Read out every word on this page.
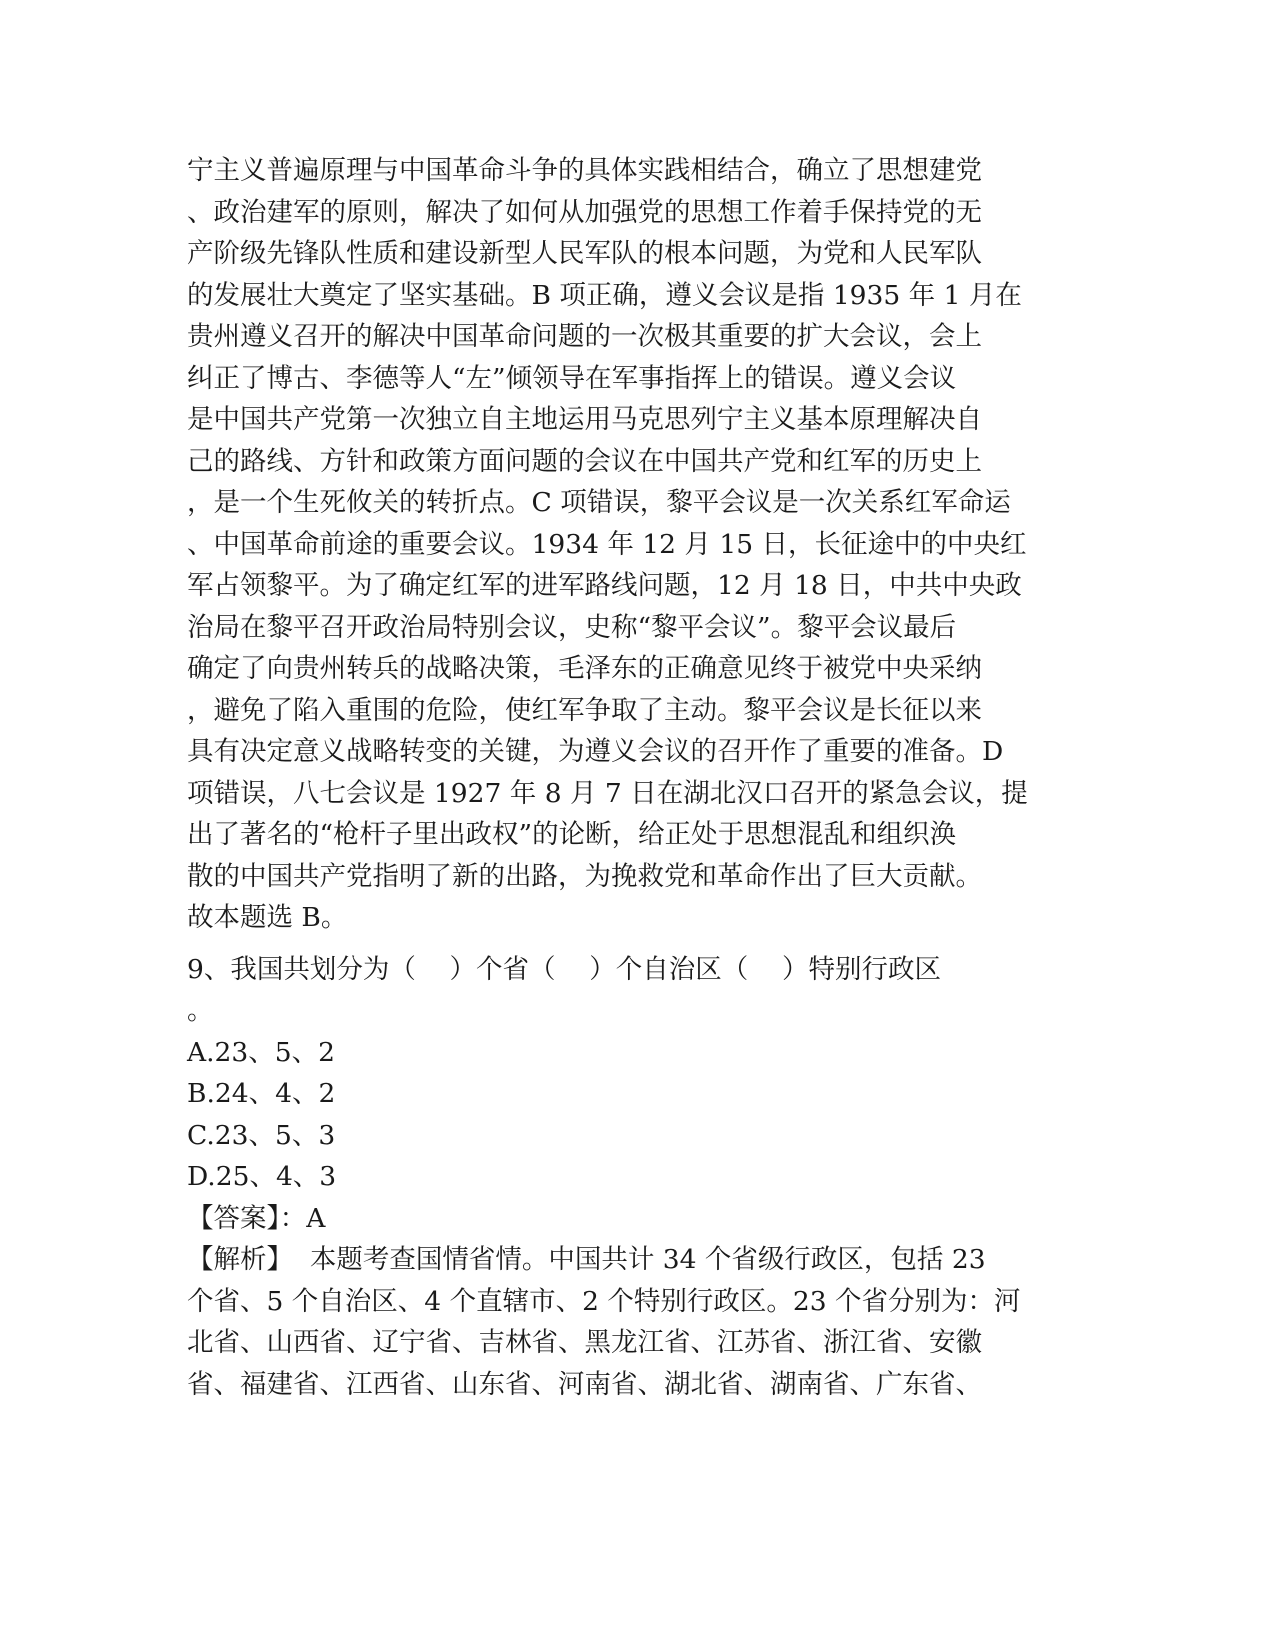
宁主义普遍原理与中国革命斗争的具体实践相结合，确立了思想建党
、政治建军的原则，解决了如何从加强党的思想工作着手保持党的无
产阶级先锋队性质和建设新型人民军队的根本问题，为党和人民军队
的发展壮大奠定了坚实基础。B 项正确，遵义会议是指 1935 年 1 月在
贵州遵义召开的解决中国革命问题的一次极其重要的扩大会议，会上
纠正了博古、李德等人“左”倾领导在军事指挥上的错误。遵义会议
是中国共产党第一次独立自主地运用马克思列宁主义基本原理解决自
己的路线、方针和政策方面问题的会议在中国共产党和红军的历史上
，是一个生死攸关的转折点。C 项错误，黎平会议是一次关系红军命运
、中国革命前途的重要会议。1934 年 12 月 15 日，长征途中的中央红
军占领黎平。为了确定红军的进军路线问题，12 月 18 日，中共中央政
治局在黎平召开政治局特别会议，史称“黎平会议”。黎平会议最后
确定了向贵州转兵的战略决策，毛泽东的正确意见终于被党中央采纳
，避免了陷入重围的危险，使红军争取了主动。黎平会议是长征以来
具有决定意义战略转变的关键，为遵义会议的召开作了重要的准备。D
项错误，八七会议是 1927 年 8 月 7 日在湖北汉口召开的紧急会议，提
出了著名的“枪杆子里出政权”的论断，给正处于思想混乱和组织涣
散的中国共产党指明了新的出路，为挽救党和革命作出了巨大贡献。
故本题选 B。
9、我国共划分为（    ）个省（    ）个自治区（    ）特别行政区
。
A.23、5、2
B.24、4、2
C.23、5、3
D.25、4、3
【答案】：A
【解析】  本题考查国情省情。中国共计 34 个省级行政区，包括 23
个省、5 个自治区、4 个直辖市、2 个特别行政区。23 个省分别为：河
北省、山西省、辽宁省、吉林省、黑龙江省、江苏省、浙江省、安徽
省、福建省、江西省、山东省、河南省、湖北省、湖南省、广东省、
